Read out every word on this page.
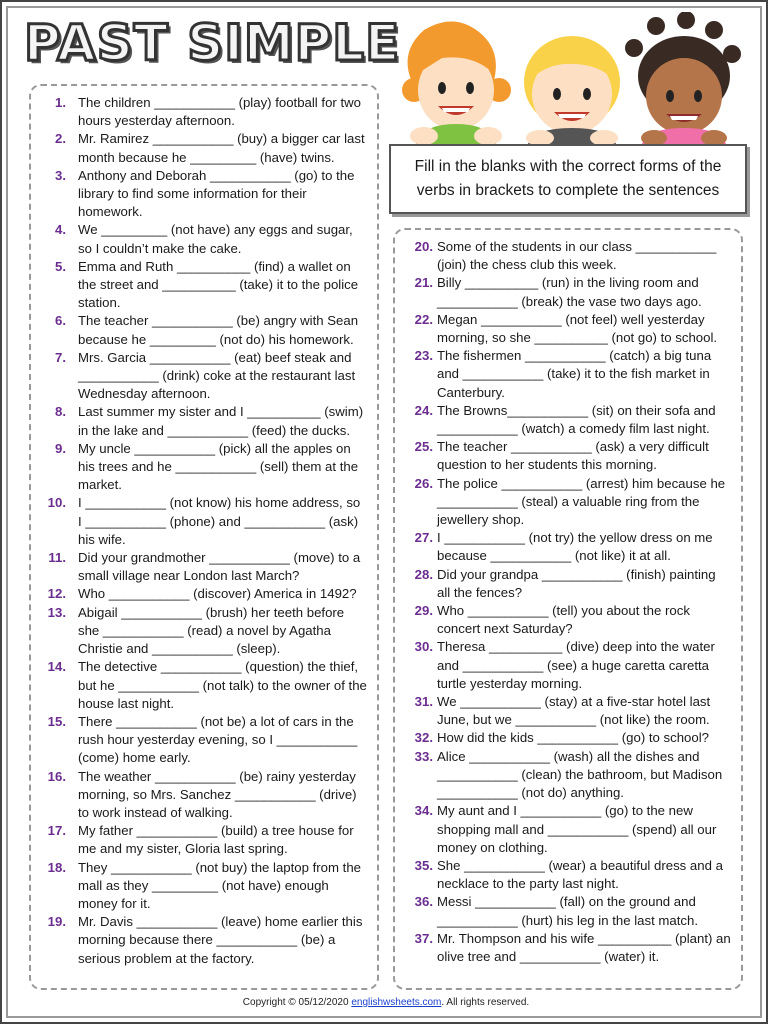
PAST SIMPLE
Fill in the blanks with the correct forms of the verbs in brackets to complete the sentences
1. The children ___________ (play) football for two hours yesterday afternoon.
2. Mr. Ramirez ___________ (buy) a bigger car last month because he _________ (have) twins.
3. Anthony and Deborah ___________ (go) to the library to find some information for their homework.
4. We _________ (not have) any eggs and sugar, so I couldn’t make the cake.
5. Emma and Ruth __________ (find) a wallet on the street and __________ (take) it to the police station.
6. The teacher ___________ (be) angry with Sean because he _________ (not do) his homework.
7. Mrs. Garcia ___________ (eat) beef steak and ___________ (drink) coke at the restaurant last Wednesday afternoon.
8. Last summer my sister and I __________ (swim) in the lake and ___________ (feed) the ducks.
9. My uncle ___________ (pick) all the apples on his trees and he ___________ (sell) them at the market.
10. I ___________ (not know) his home address, so I ___________ (phone) and ___________ (ask) his wife.
11. Did your grandmother ___________ (move) to a small village near London last March?
12. Who ___________ (discover) America in 1492?
13. Abigail ___________ (brush) her teeth before she ___________ (read) a novel by Agatha Christie and ___________ (sleep).
14. The detective ___________ (question) the thief, but he ___________ (not talk) to the owner of the house last night.
15. There ___________ (not be) a lot of cars in the rush hour yesterday evening, so I ___________ (come) home early.
16. The weather ___________ (be) rainy yesterday morning, so Mrs. Sanchez ___________ (drive) to work instead of walking.
17. My father ___________ (build) a tree house for me and my sister, Gloria last spring.
18. They ___________ (not buy) the laptop from the mall as they _________ (not have) enough money for it.
19. Mr. Davis ___________ (leave) home earlier this morning because there ___________ (be) a serious problem at the factory.
20. Some of the students in our class ___________ (join) the chess club this week.
21. Billy __________ (run) in the living room and ___________ (break) the vase two days ago.
22. Megan ___________ (not feel) well yesterday morning, so she __________ (not go) to school.
23. The fishermen ___________ (catch) a big tuna and ___________ (take) it to the fish market in Canterbury.
24. The Browns___________ (sit) on their sofa and ___________ (watch) a comedy film last night.
25. The teacher ___________ (ask) a very difficult question to her students this morning.
26. The police ___________ (arrest) him because he ___________ (steal) a valuable ring from the jewellery shop.
27. I ___________ (not try) the yellow dress on me because ___________ (not like) it at all.
28. Did your grandpa ___________ (finish) painting all the fences?
29. Who ___________ (tell) you about the rock concert next Saturday?
30. Theresa __________ (dive) deep into the water and ___________ (see) a huge caretta caretta turtle yesterday morning.
31. We ___________ (stay) at a five-star hotel last June, but we ___________ (not like) the room.
32. How did the kids ___________ (go) to school?
33. Alice ___________ (wash) all the dishes and ___________ (clean) the bathroom, but Madison ___________ (not do) anything.
34. My aunt and I ___________ (go) to the new shopping mall and ___________ (spend) all our money on clothing.
35. She ___________ (wear) a beautiful dress and a necklace to the party last night.
36. Messi ___________ (fall) on the ground and ___________ (hurt) his leg in the last match.
37. Mr. Thompson and his wife __________ (plant) an olive tree and ___________ (water) it.
Copyright © 05/12/2020 englishwsheets.com. All rights reserved.
